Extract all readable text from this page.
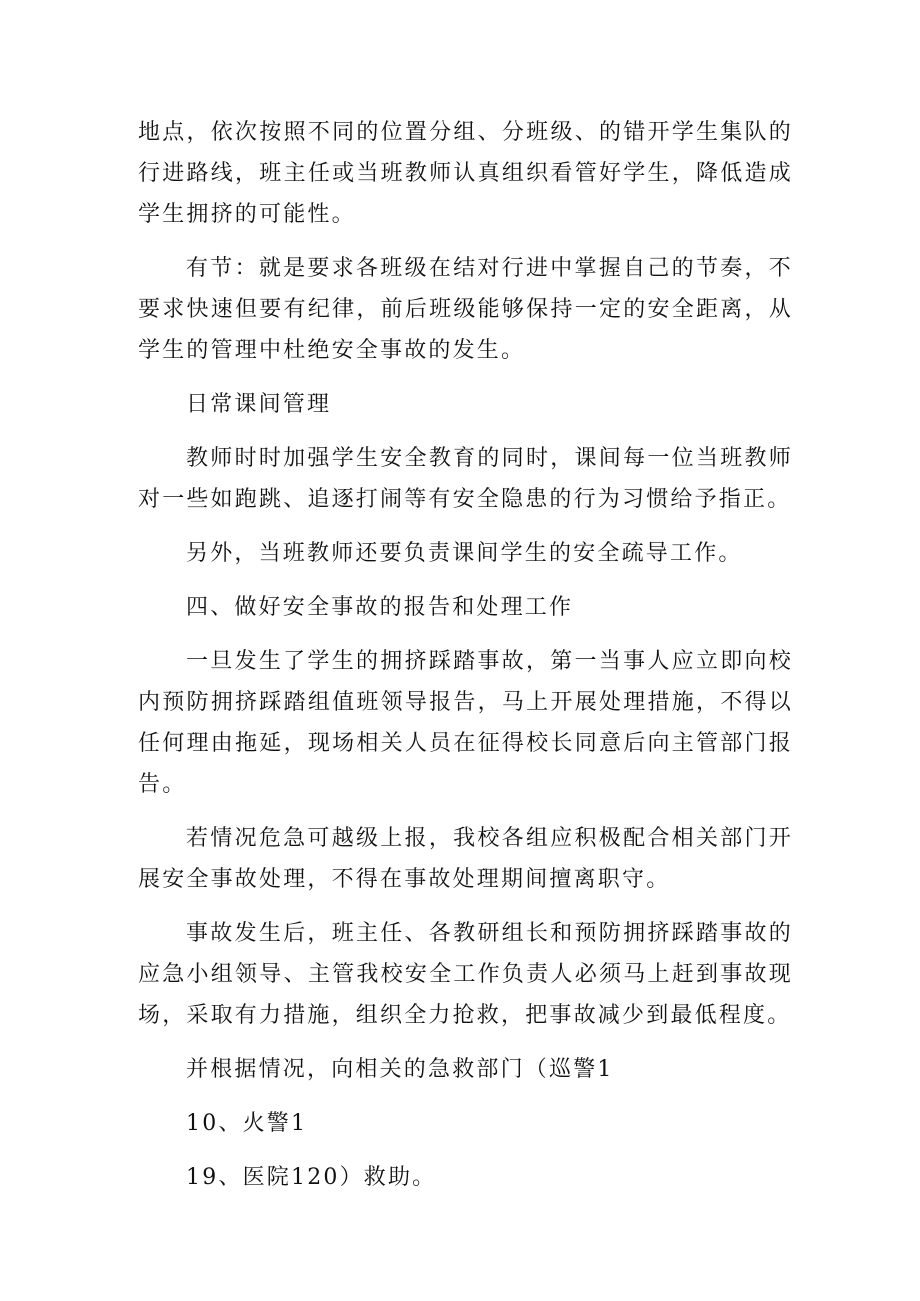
地点，依次按照不同的位置分组、分班级、的错开学生集队的行进路线，班主任或当班教师认真组织看管好学生，降低造成学生拥挤的可能性。

有节：就是要求各班级在结对行进中掌握自己的节奏，不要求快速但要有纪律，前后班级能够保持一定的安全距离，从学生的管理中杜绝安全事故的发生。

日常课间管理

教师时时加强学生安全教育的同时，课间每一位当班教师对一些如跑跳、追逐打闹等有安全隐患的行为习惯给予指正。

另外，当班教师还要负责课间学生的安全疏导工作。

四、做好安全事故的报告和处理工作

一旦发生了学生的拥挤踩踏事故，第一当事人应立即向校内预防拥挤踩踏组值班领导报告，马上开展处理措施，不得以任何理由拖延，现场相关人员在征得校长同意后向主管部门报告。

若情况危急可越级上报，我校各组应积极配合相关部门开展安全事故处理，不得在事故处理期间擅离职守。

事故发生后，班主任、各教研组长和预防拥挤踩踏事故的应急小组领导、主管我校安全工作负责人必须马上赶到事故现场，采取有力措施，组织全力抢救，把事故减少到最低程度。

并根据情况，向相关的急救部门（巡警1

10、火警1

19、医院120）救助。
